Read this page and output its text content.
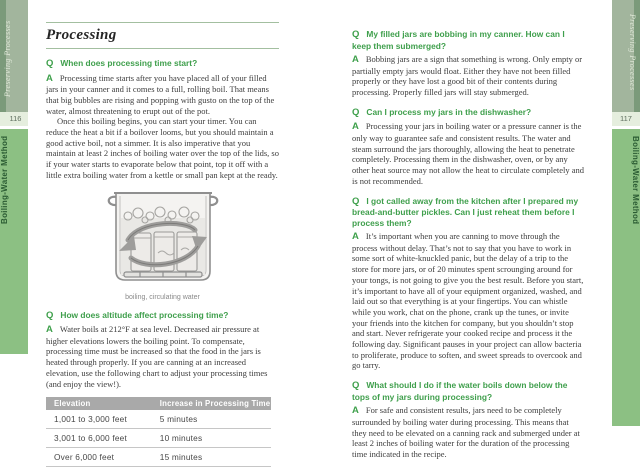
Preserving Processes
116
Boiling-Water Method
Preserving Processes
117
Boiling-Water Method
Processing

Q When does processing time start?

A Processing time starts after you have placed all of your filled jars in your canner and it comes to a full, rolling boil. That means that big bubbles are rising and popping with gusto on the top of the water, almost threatening to erupt out of the pot.

Once this boiling begins, you can start your timer. You can reduce the heat a bit if a boilover looms, but you should maintain a good active boil, not a simmer. It is also imperative that you maintain at least 2 inches of boiling water over the top of the lids, so if your water starts to evaporate below that point, top it off with a little extra boiling water from a kettle or small pan kept at the ready.

boiling, circulating water

Q How does altitude affect processing time?

A Water boils at 212°F at sea level. Decreased air pressure at higher elevations lowers the boiling point. To compensate, processing time must be increased so that the food in the jars is heated through properly. If you are canning at an increased elevation, use the following chart to adjust your processing times (and enjoy the view!).

Elevation	Increase in Processing Time
1,001 to 3,000 feet	5 minutes
3,001 to 6,000 feet	10 minutes
Over 6,000 feet	15 minutes

Q My filled jars are bobbing in my canner. How can I keep them submerged?

A Bobbing jars are a sign that something is wrong. Only empty or partially empty jars would float. Either they have not been filled properly or they have lost a good bit of their contents during processing. Properly filled jars will stay submerged.

Q Can I process my jars in the dishwasher?

A Processing your jars in boiling water or a pressure canner is the only way to guarantee safe and consistent results. The water and steam surround the jars thoroughly, allowing the heat to penetrate completely. Processing them in the dishwasher, oven, or by any other heat source may not allow the heat to circulate completely and is not recommended.

Q I got called away from the kitchen after I prepared my bread-and-butter pickles. Can I just reheat them before I process them?

A It’s important when you are canning to move through the process without delay. That’s not to say that you have to work in some sort of white-knuckled panic, but the delay of a trip to the store for more jars, or of 20 minutes spent scrounging around for your tongs, is not going to give you the best result. Before you start, it’s important to have all of your equipment organized, washed, and laid out so that everything is at your fingertips. You can whistle while you work, chat on the phone, crank up the tunes, or invite your friends into the kitchen for company, but you shouldn’t stop and start. Never refrigerate your cooked recipe and process it the following day. Significant pauses in your project can allow bacteria to proliferate, produce to soften, and sweet spreads to overcook and go tarry.

Q What should I do if the water boils down below the tops of my jars during processing?

A For safe and consistent results, jars need to be completely surrounded by boiling water during processing. This means that they need to be elevated on a canning rack and submerged under at least 2 inches of boiling water for the duration of the processing time indicated in the recipe.
